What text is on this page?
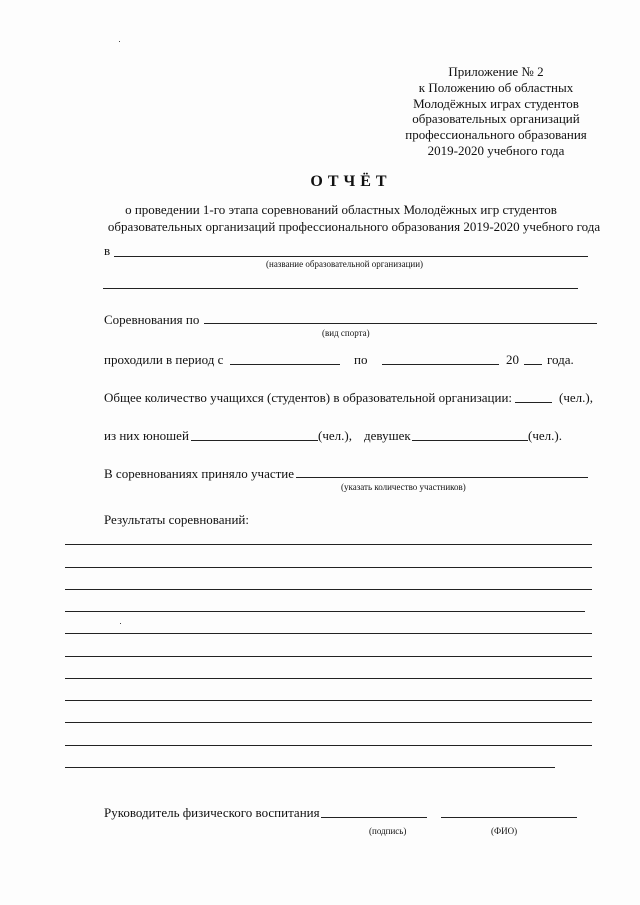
Приложение № 2
к Положению об областных
Молодёжных играх студентов
образовательных организаций
профессионального образования
2019-2020 учебного года
ОТЧЁТ
о проведении 1-го этапа соревнований областных Молодёжных игр студентов
образовательных организаций профессионального образования 2019-2020 учебного года
в
(название образовательной организации)
Соревнования по
(вид спорта)
проходили в период с	по	20 года.
Общее количество учащихся (студентов) в образовательной организации:	(чел.),
из них юношей	(чел.), девушек	(чел.).
В соревнованиях приняло участие
(указать количество участников)
Результаты соревнований:
Руководитель физического воспитания
(подпись)	(ФИО)
